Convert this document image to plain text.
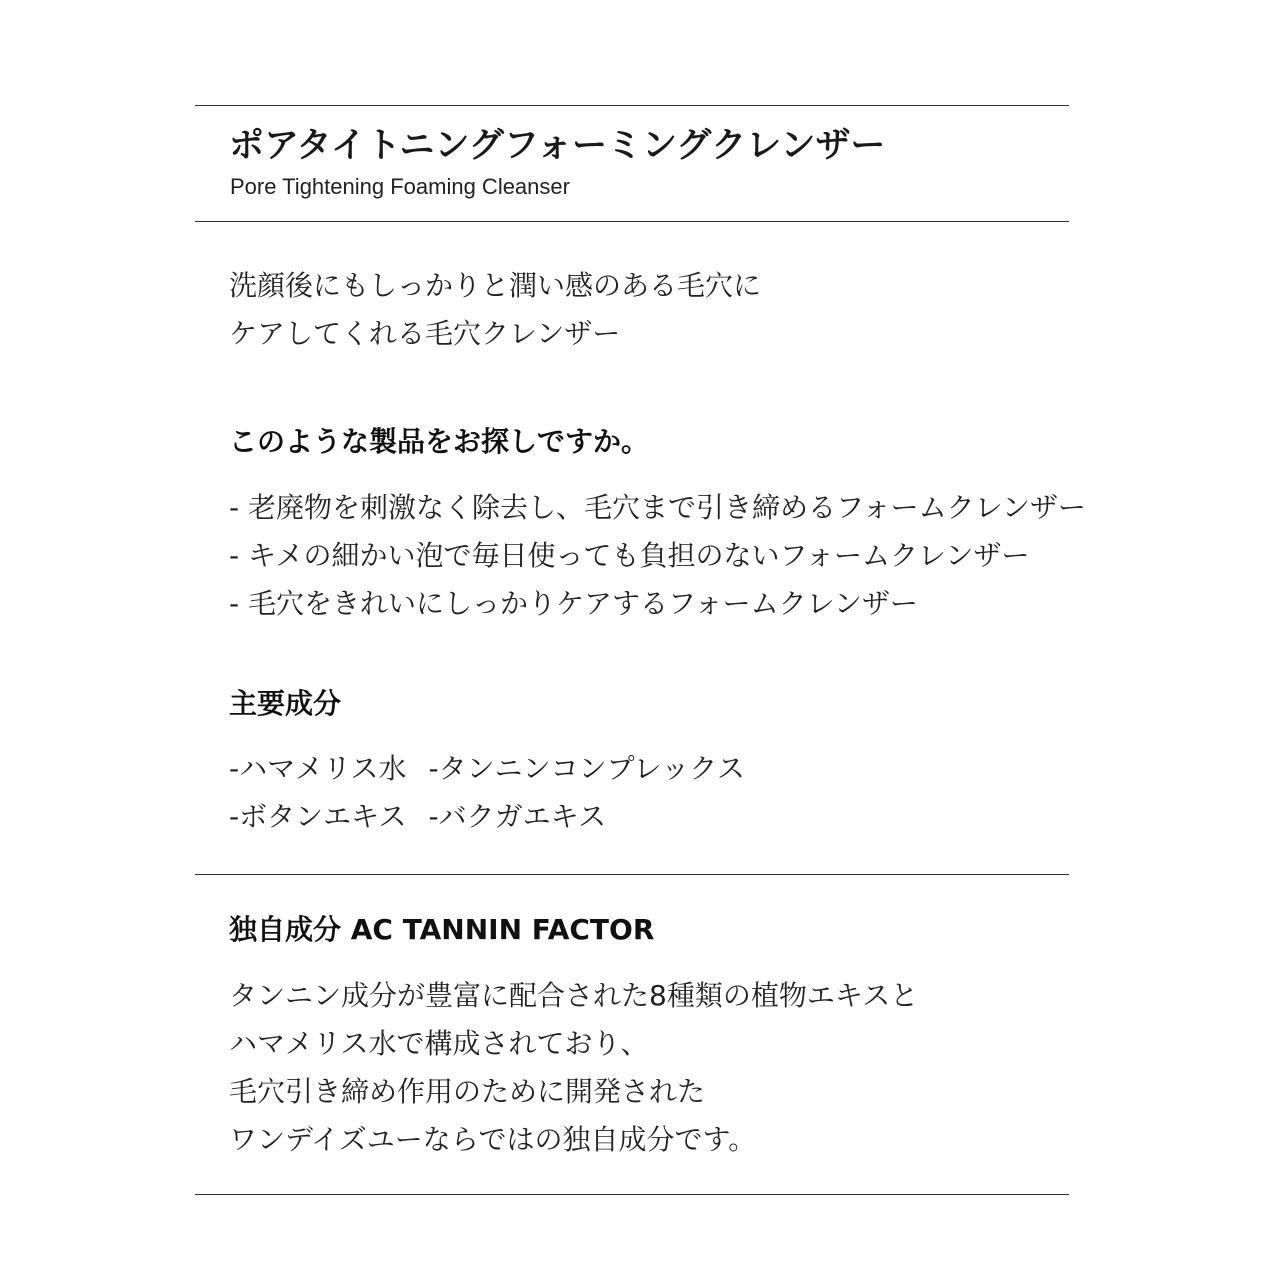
ポアタイトニングフォーミングクレンザー
Pore Tightening Foaming Cleanser
洗顔後にもしっかりと潤い感のある毛穴に
ケアしてくれる毛穴クレンザー
このような製品をお探しですか。
- 老廃物を刺激なく除去し、毛穴まで引き締めるフォームクレンザー
- キメの細かい泡で毎日使っても負担のないフォームクレンザー
- 毛穴をきれいにしっかりケアするフォームクレンザー
主要成分
-ハマメリス水 -タンニンコンプレックス
-ボタンエキス -バクガエキス
独自成分 AC TANNIN FACTOR
タンニン成分が豊富に配合された8種類の植物エキスと
ハマメリス水で構成されており、
毛穴引き締め作用のために開発された
ワンデイズユーならではの独自成分です。
